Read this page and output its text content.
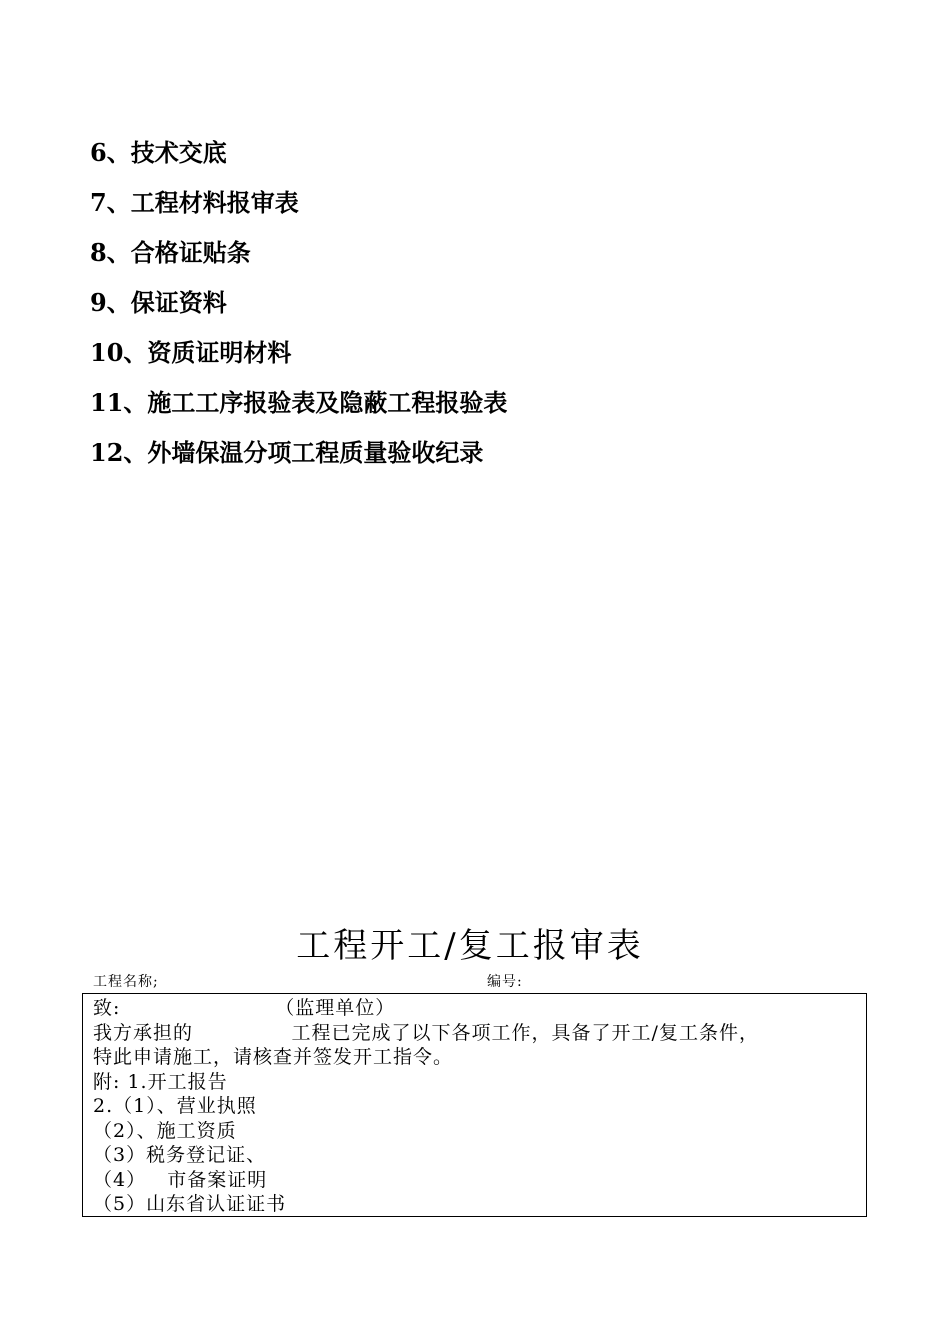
6、技术交底
7、工程材料报审表
8、合格证贴条
9、保证资料
10、资质证明材料
11、施工工序报验表及隐蔽工程报验表
12、外墙保温分项工程质量验收纪录
工程开工/复工报审表
工程名称;	编号:
致:                      （监理单位）
我方承担的              工程已完成了以下各项工作，具备了开工/复工条件，
特此申请施工，请核查并签发开工指令。
附: 1.开工报告
2.（1）、营业执照
（2）、施工资质
（3）税务登记证、
（4）   市备案证明
（5）山东省认证证书
